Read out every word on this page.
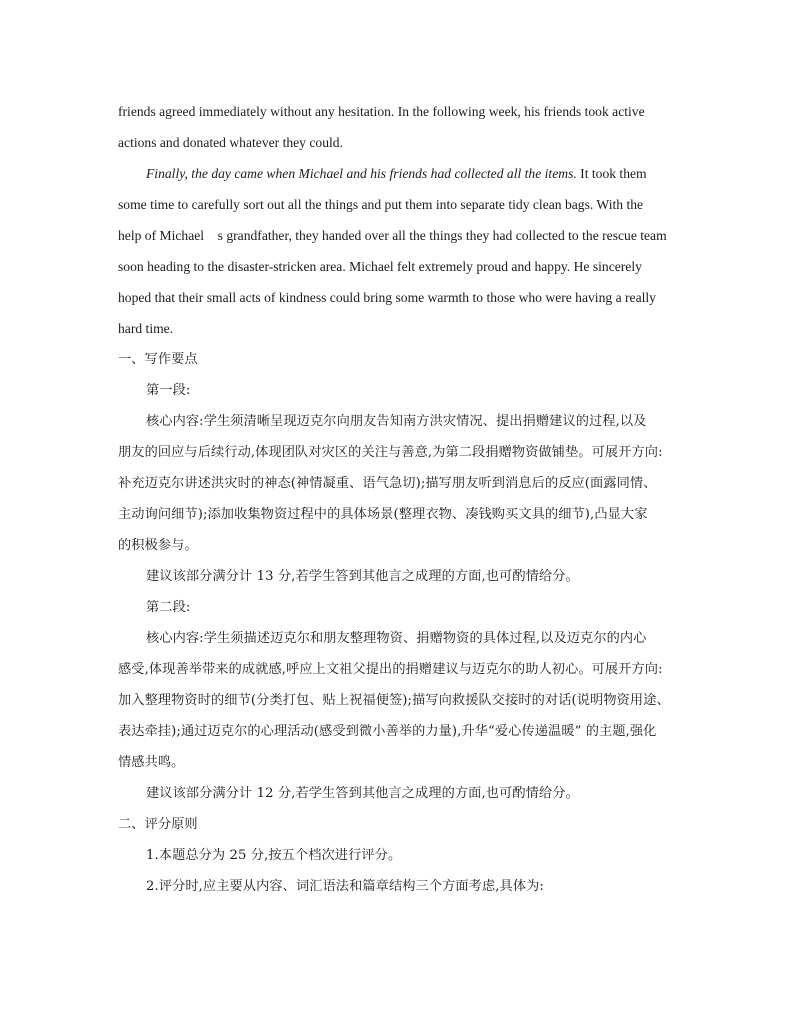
friends agreed immediately without any hesitation. In the following week, his friends took active
actions and donated whatever they could.
Finally, the day came when Michael and his friends had collected all the items. It took them
some time to carefully sort out all the things and put them into separate tidy clean bags. With the
help of Michael　s grandfather, they handed over all the things they had collected to the rescue team
soon heading to the disaster-stricken area. Michael felt extremely proud and happy. He sincerely
hoped that their small acts of kindness could bring some warmth to those who were having a really
hard time.
一、写作要点
第一段:
核心内容:学生须清晰呈现迈克尔向朋友告知南方洪灾情况、提出捐赠建议的过程,以及
朋友的回应与后续行动,体现团队对灾区的关注与善意,为第二段捐赠物资做铺垫。可展开方向:
补充迈克尔讲述洪灾时的神态(神情凝重、语气急切);描写朋友听到消息后的反应(面露同情、
主动询问细节);添加收集物资过程中的具体场景(整理衣物、凑钱购买文具的细节),凸显大家
的积极参与。
建议该部分满分计 13 分,若学生答到其他言之成理的方面,也可酌情给分。
第二段:
核心内容:学生须描述迈克尔和朋友整理物资、捐赠物资的具体过程,以及迈克尔的内心
感受,体现善举带来的成就感,呼应上文祖父提出的捐赠建议与迈克尔的助人初心。可展开方向:
加入整理物资时的细节(分类打包、贴上祝福便签);描写向救援队交接时的对话(说明物资用途、
表达牵挂);通过迈克尔的心理活动(感受到微小善举的力量),升华“爱心传递温暖” 的主题,强化
情感共鸣。
建议该部分满分计 12 分,若学生答到其他言之成理的方面,也可酌情给分。
二、评分原则
1.本题总分为 25 分,按五个档次进行评分。
2.评分时,应主要从内容、词汇语法和篇章结构三个方面考虑,具体为:
